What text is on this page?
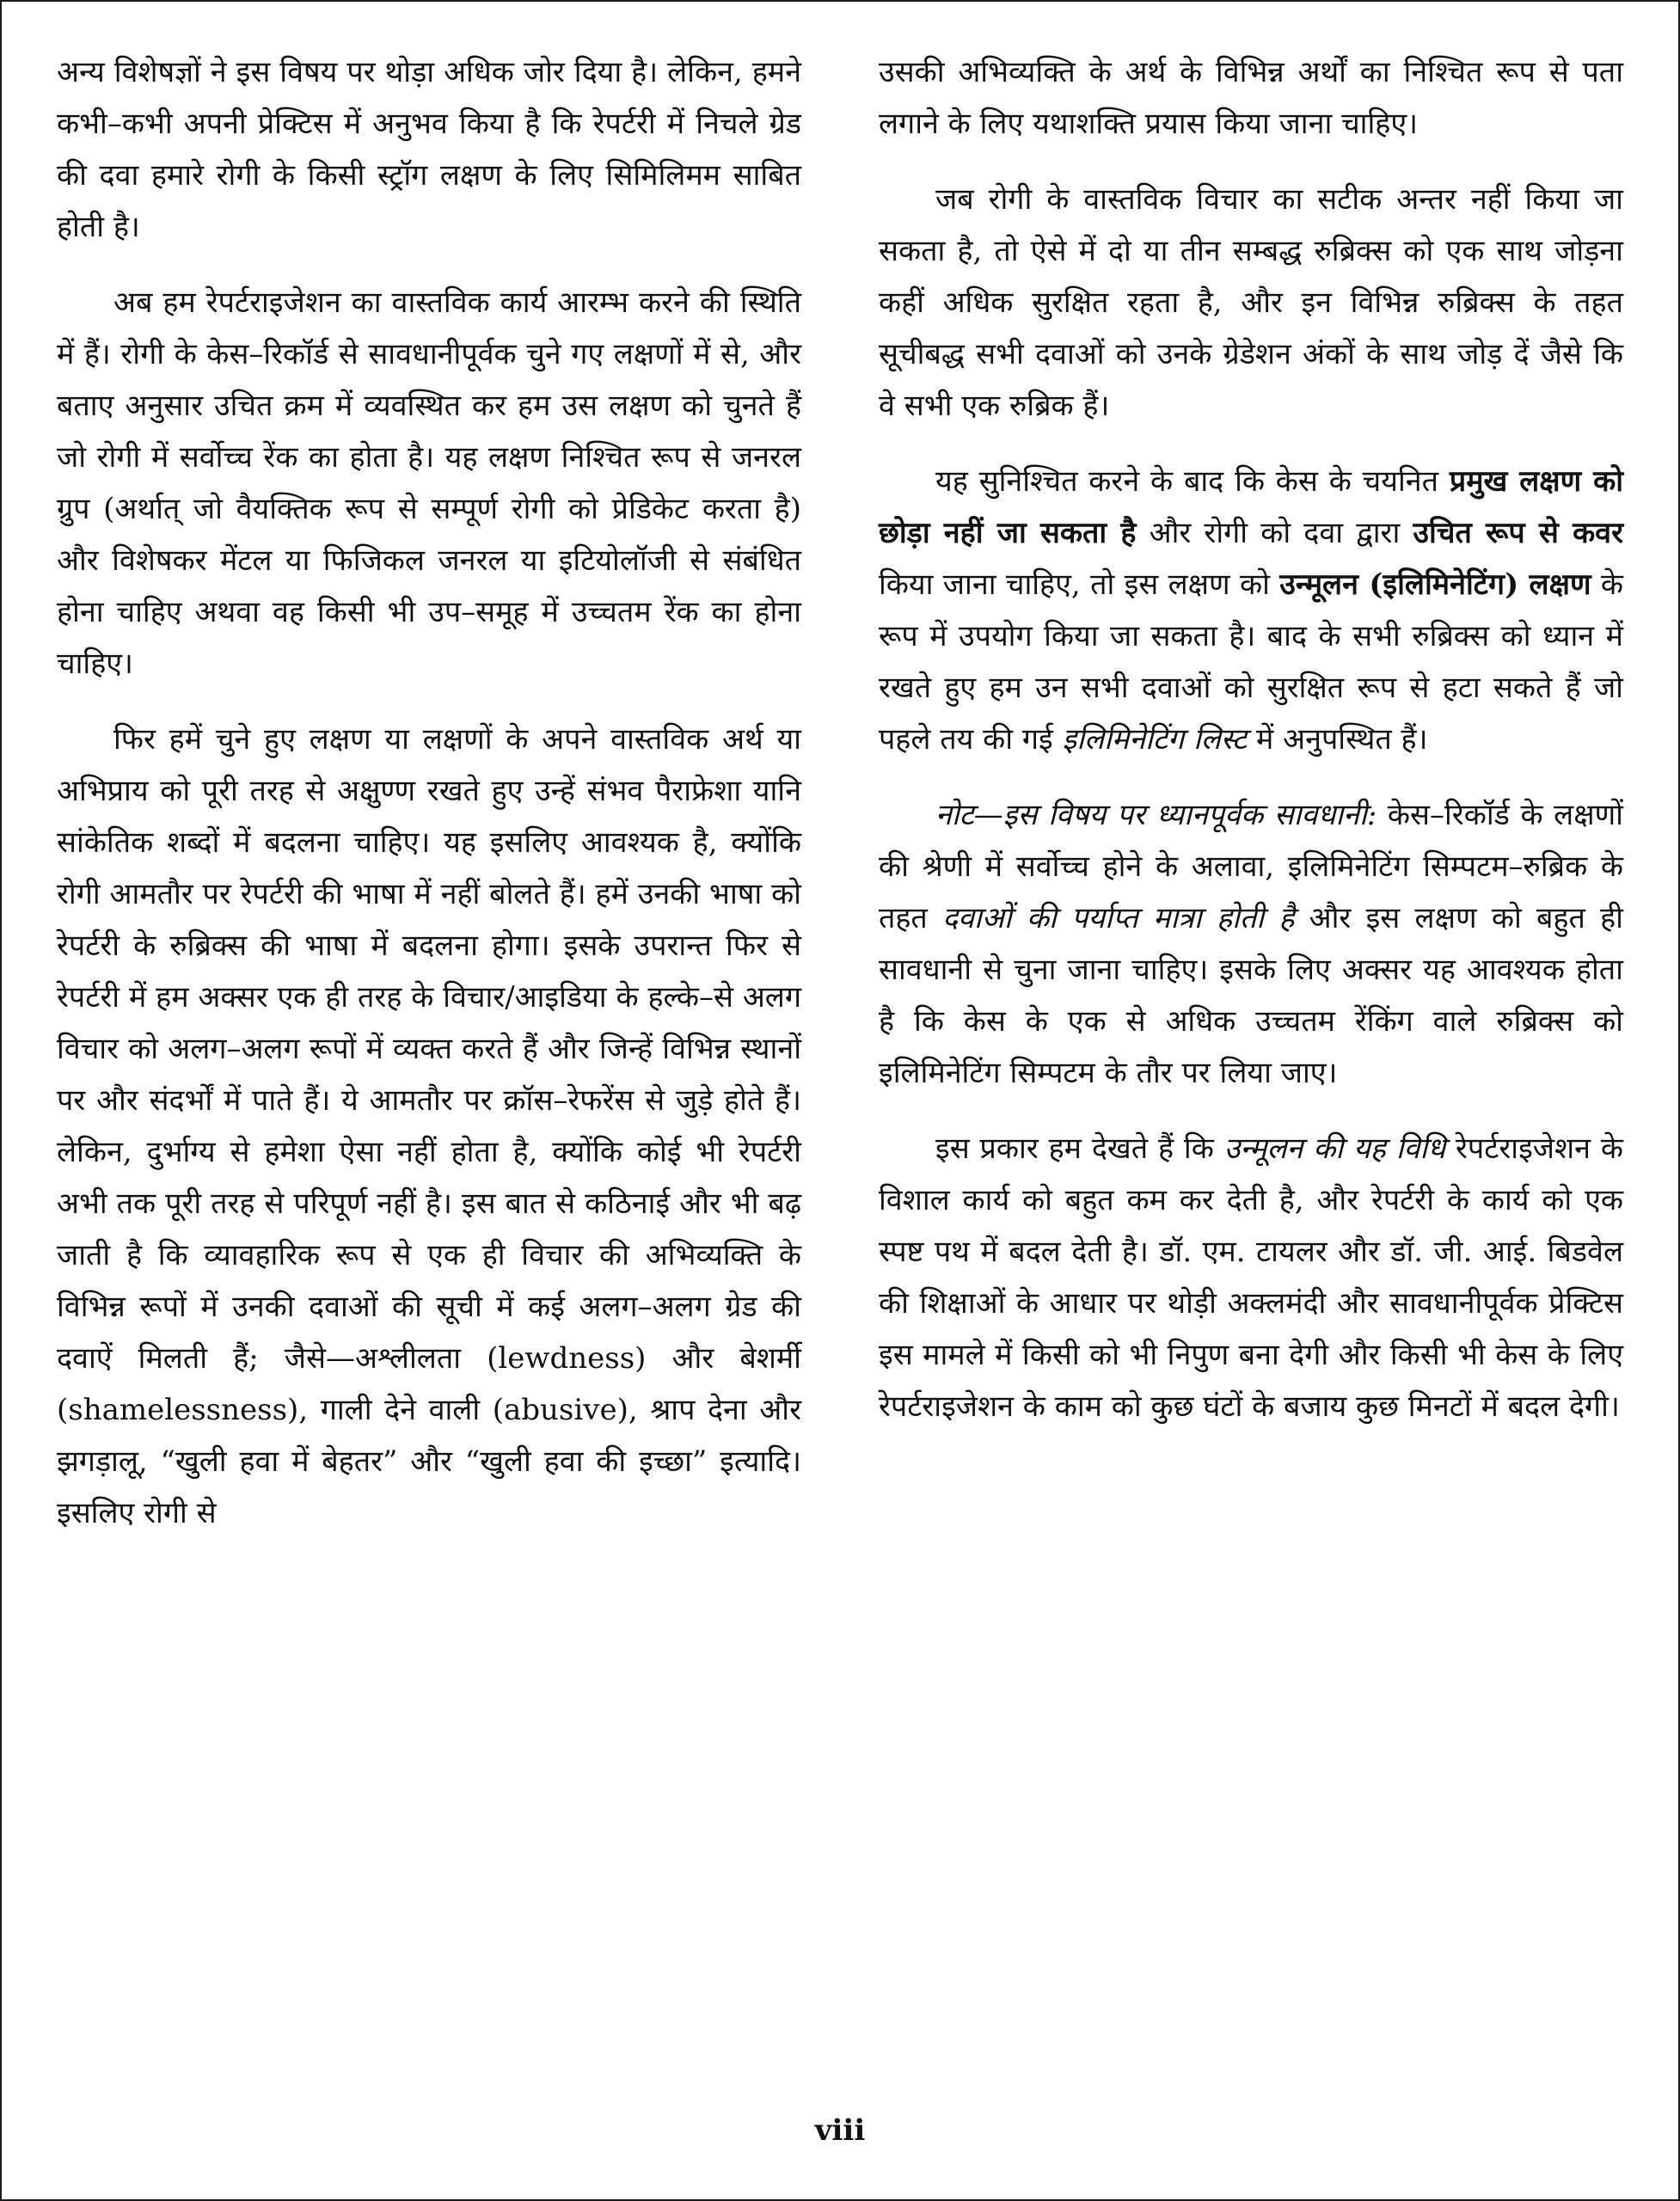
अन्य विशेषज्ञों ने इस विषय पर थोड़ा अधिक जोर दिया है। लेकिन, हमने कभी–कभी अपनी प्रेक्टिस में अनुभव किया है कि रेपर्टरी में निचले ग्रेड की दवा हमारे रोगी के किसी स्ट्रॉग लक्षण के लिए सिमिलिमम साबित होती है।

अब हम रेपर्टराइजेशन का वास्तविक कार्य आरम्भ करने की स्थिति में हैं। रोगी के केस–रिकॉर्ड से सावधानीपूर्वक चुने गए लक्षणों में से, और बताए अनुसार उचित क्रम में व्यवस्थित कर हम उस लक्षण को चुनते हैं जो रोगी में सर्वोच्च रेंक का होता है। यह लक्षण निश्चित रूप से जनरल ग्रुप (अर्थात् जो वैयक्तिक रूप से सम्पूर्ण रोगी को प्रेडिकेट करता है) और विशेषकर मेंटल या फिजिकल जनरल या इटियोलॉजी से संबंधित होना चाहिए अथवा वह किसी भी उप–समूह में उच्चतम रेंक का होना चाहिए।

फिर हमें चुने हुए लक्षण या लक्षणों के अपने वास्तविक अर्थ या अभिप्राय को पूरी तरह से अक्षुण्ण रखते हुए उन्हें संभव पैराफ्रेशा यानि सांकेतिक शब्दों में बदलना चाहिए। यह इसलिए आवश्यक है, क्योंकि रोगी आमतौर पर रेपर्टरी की भाषा में नहीं बोलते हैं। हमें उनकी भाषा को रेपर्टरी के रुब्रिक्स की भाषा में बदलना होगा। इसके उपरान्त फिर से रेपर्टरी में हम अक्सर एक ही तरह के विचार/आइडिया के हल्के–से अलग विचार को अलग–अलग रूपों में व्यक्त करते हैं और जिन्हें विभिन्न स्थानों पर और संदर्भों में पाते हैं। ये आमतौर पर क्रॉस–रेफरेंस से जुड़े होते हैं। लेकिन, दुर्भाग्य से हमेशा ऐसा नहीं होता है, क्योंकि कोई भी रेपर्टरी अभी तक पूरी तरह से परिपूर्ण नहीं है। इस बात से कठिनाई और भी बढ़ जाती है कि व्यावहारिक रूप से एक ही विचार की अभिव्यक्ति के विभिन्न रूपों में उनकी दवाओं की सूची में कई अलग–अलग ग्रेड की दवाऐं मिलती हैं; जैसे—अश्लीलता (lewdness) और बेशर्मी (shamelessness), गाली देने वाली (abusive), श्राप देना और झगड़ालू, “खुली हवा में बेहतर” और “खुली हवा की इच्छा” इत्यादि। इसलिए रोगी से

उसकी अभिव्यक्ति के अर्थ के विभिन्न अर्थों का निश्चित रूप से पता लगाने के लिए यथाशक्ति प्रयास किया जाना चाहिए।

जब रोगी के वास्तविक विचार का सटीक अन्तर नहीं किया जा सकता है, तो ऐसे में दो या तीन सम्बद्ध रुब्रिक्स को एक साथ जोड़ना कहीं अधिक सुरक्षित रहता है, और इन विभिन्न रुब्रिक्स के तहत सूचीबद्ध सभी दवाओं को उनके ग्रेडेशन अंकों के साथ जोड़ दें जैसे कि वे सभी एक रुब्रिक हैं।

यह सुनिश्चित करने के बाद कि केस के चयनित प्रमुख लक्षण को छोड़ा नहीं जा सकता है और रोगी को दवा द्वारा उचित रूप से कवर किया जाना चाहिए, तो इस लक्षण को उन्मूलन (इलिमिनेटिंग) लक्षण के रूप में उपयोग किया जा सकता है। बाद के सभी रुब्रिक्स को ध्यान में रखते हुए हम उन सभी दवाओं को सुरक्षित रूप से हटा सकते हैं जो पहले तय की गई इलिमिनेटिंग लिस्ट में अनुपस्थित हैं।

नोट—इस विषय पर ध्यानपूर्वक सावधानी: केस–रिकॉर्ड के लक्षणों की श्रेणी में सर्वोच्च होने के अलावा, इलिमिनेटिंग सिम्पटम–रुब्रिक के तहत दवाओं की पर्याप्त मात्रा होती है और इस लक्षण को बहुत ही सावधानी से चुना जाना चाहिए। इसके लिए अक्सर यह आवश्यक होता है कि केस के एक से अधिक उच्चतम रेंकिंग वाले रुब्रिक्स को इलिमिनेटिंग सिम्पटम के तौर पर लिया जाए।

इस प्रकार हम देखते हैं कि उन्मूलन की यह विधि रेपर्टराइजेशन के विशाल कार्य को बहुत कम कर देती है, और रेपर्टरी के कार्य को एक स्पष्ट पथ में बदल देती है। डॉ. एम. टायलर और डॉ. जी. आई. बिडवेल की शिक्षाओं के आधार पर थोड़ी अक्लमंदी और सावधानीपूर्वक प्रेक्टिस इस मामले में किसी को भी निपुण बना देगी और किसी भी केस के लिए रेपर्टराइजेशन के काम को कुछ घंटों के बजाय कुछ मिनटों में बदल देगी।

viii
